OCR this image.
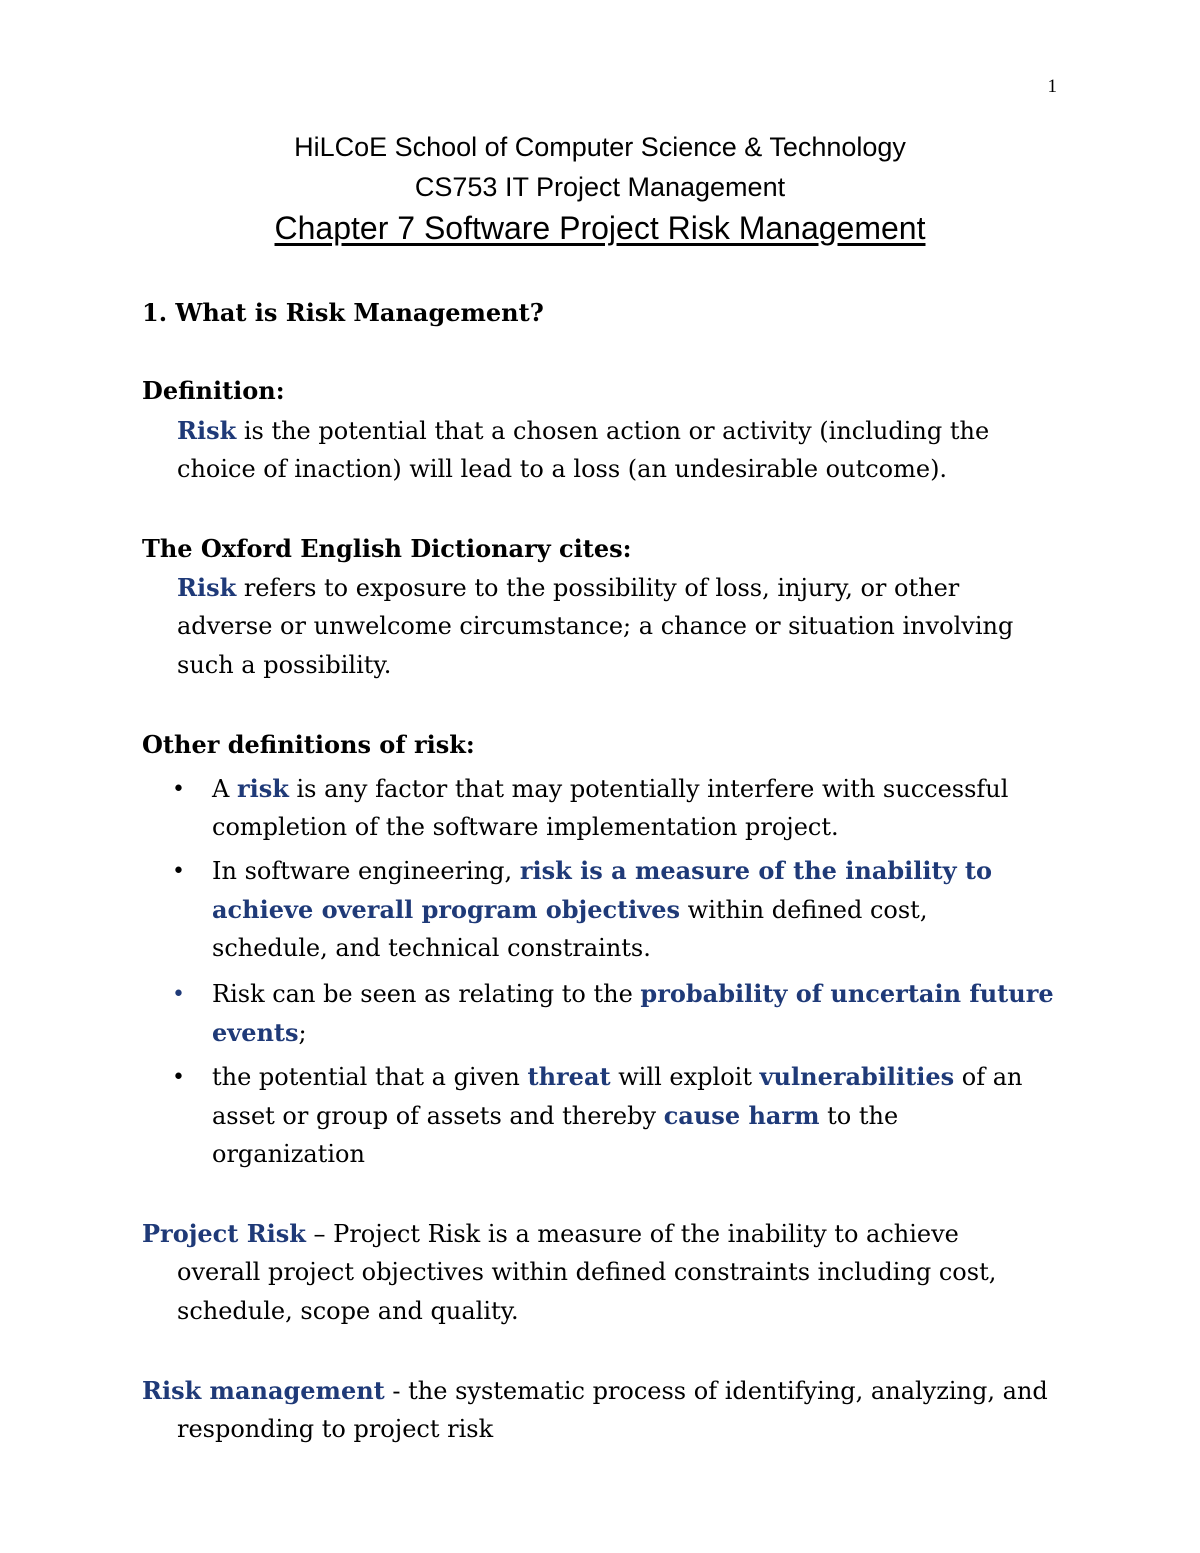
1
HiLCoE School of Computer Science & Technology
CS753 IT Project Management
Chapter 7 Software Project Risk Management
1. What is Risk Management?
Definition:
Risk is the potential that a chosen action or activity (including the
choice of inaction) will lead to a loss (an undesirable outcome).
The Oxford English Dictionary cites:
Risk refers to exposure to the possibility of loss, injury, or other
adverse or unwelcome circumstance; a chance or situation involving
such a possibility.
Other definitions of risk:
• A risk is any factor that may potentially interfere with successful
completion of the software implementation project.
• In software engineering, risk is a measure of the inability to
achieve overall program objectives within defined cost,
schedule, and technical constraints.
• Risk can be seen as relating to the probability of uncertain future
events;
• the potential that a given threat will exploit vulnerabilities of an
asset or group of assets and thereby cause harm to the
organization
Project Risk – Project Risk is a measure of the inability to achieve
overall project objectives within defined constraints including cost,
schedule, scope and quality.
Risk management - the systematic process of identifying, analyzing, and
responding to project risk
